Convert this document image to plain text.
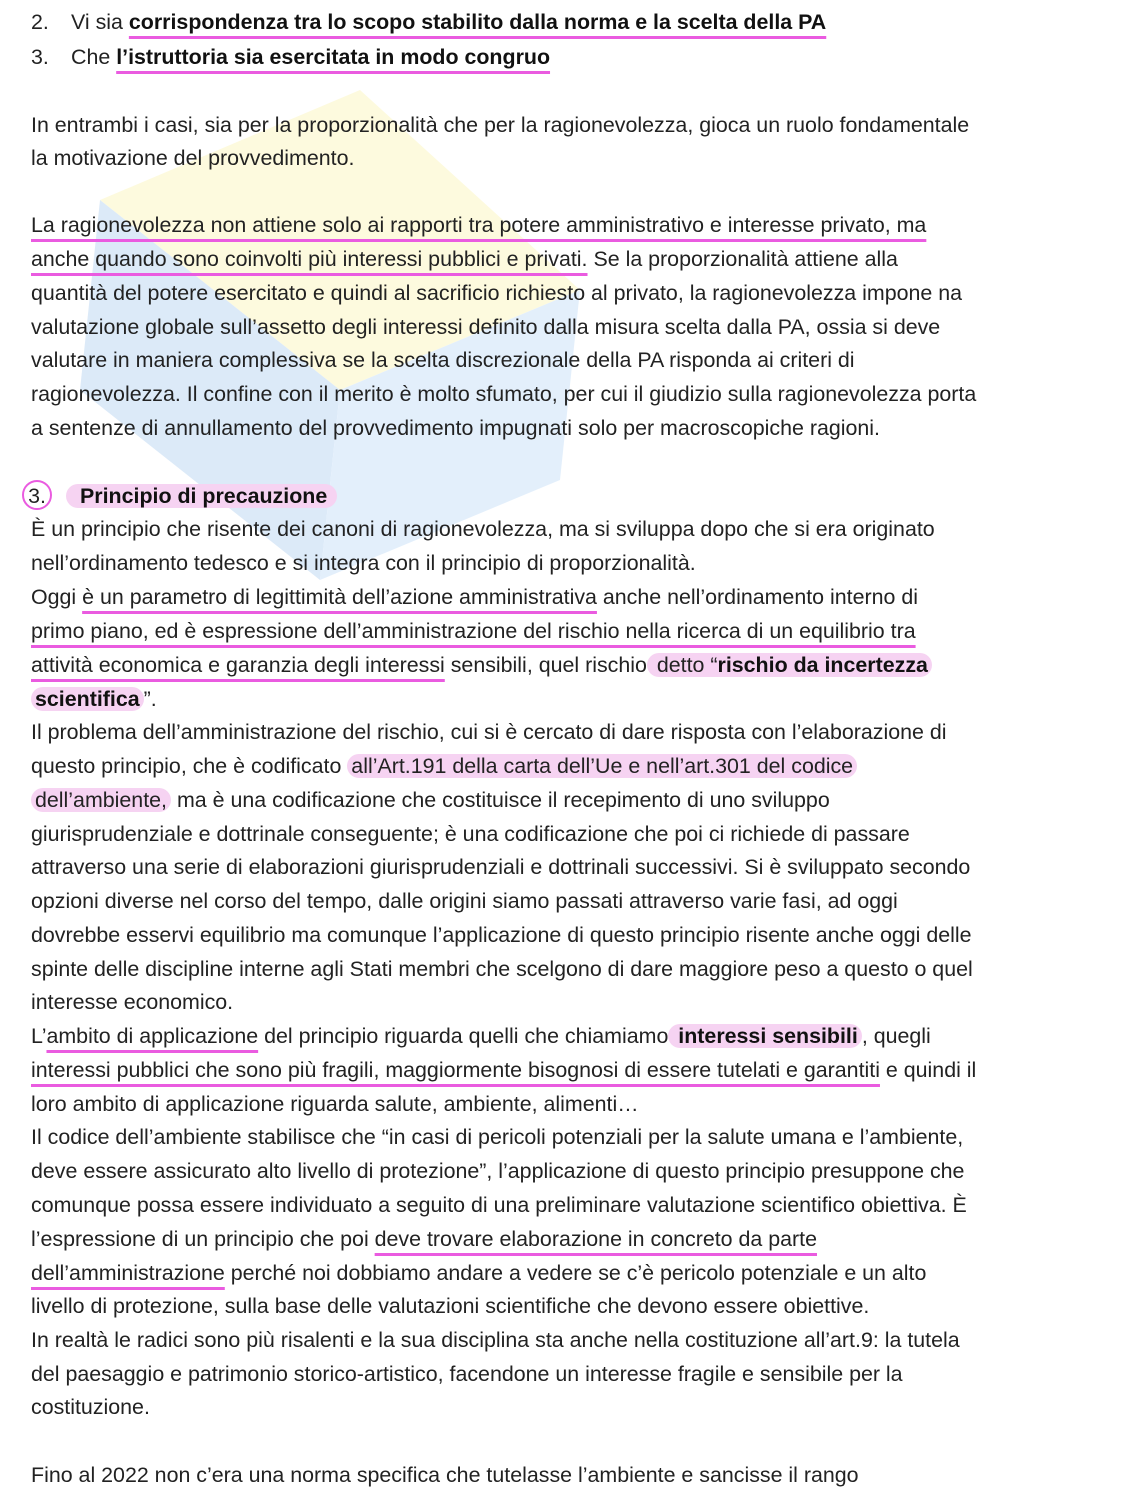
2. Vi sia corrispondenza tra lo scopo stabilito dalla norma e la scelta della PA
3. Che l’istruttoria sia esercitata in modo congruo
In entrambi i casi, sia per la proporzionalità che per la ragionevolezza, gioca un ruolo fondamentale
la motivazione del provvedimento.
La ragionevolezza non attiene solo ai rapporti tra potere amministrativo e interesse privato, ma
anche quando sono coinvolti più interessi pubblici e privati. Se la proporzionalità attiene alla
quantità del potere esercitato e quindi al sacrificio richiesto al privato, la ragionevolezza impone na
valutazione globale sull’assetto degli interessi definito dalla misura scelta dalla PA, ossia si deve
valutare in maniera complessiva se la scelta discrezionale della PA risponda ai criteri di
ragionevolezza. Il confine con il merito è molto sfumato, per cui il giudizio sulla ragionevolezza porta
a sentenze di annullamento del provvedimento impugnati solo per macroscopiche ragioni.
3. Principio di precauzione
È un principio che risente dei canoni di ragionevolezza, ma si sviluppa dopo che si era originato
nell’ordinamento tedesco e si integra con il principio di proporzionalità.
Oggi è un parametro di legittimità dell’azione amministrativa anche nell’ordinamento interno di
primo piano, ed è espressione dell’amministrazione del rischio nella ricerca di un equilibrio tra
attività economica e garanzia degli interessi sensibili, quel rischio detto “rischio da incertezza
scientifica ”.
Il problema dell’amministrazione del rischio, cui si è cercato di dare risposta con l’elaborazione di
questo principio, che è codificato all’Art.191 della carta dell’Ue e nell’art.301 del codice
dell’ambiente, ma è una codificazione che costituisce il recepimento di uno sviluppo
giurisprudenziale e dottrinale conseguente; è una codificazione che poi ci richiede di passare
attraverso una serie di elaborazioni giurisprudenziali e dottrinali successivi. Si è sviluppato secondo
opzioni diverse nel corso del tempo, dalle origini siamo passati attraverso varie fasi, ad oggi
dovrebbe esservi equilibrio ma comunque l’applicazione di questo principio risente anche oggi delle
spinte delle discipline interne agli Stati membri che scelgono di dare maggiore peso a questo o quel
interesse economico.
L’ambito di applicazione del principio riguarda quelli che chiamiamo interessi sensibili , quegli
interessi pubblici che sono più fragili, maggiormente bisognosi di essere tutelati e garantiti e quindi il
loro ambito di applicazione riguarda salute, ambiente, alimenti…
Il codice dell’ambiente stabilisce che “in casi di pericoli potenziali per la salute umana e l’ambiente,
deve essere assicurato alto livello di protezione”, l’applicazione di questo principio presuppone che
comunque possa essere individuato a seguito di una preliminare valutazione scientifico obiettiva. È
l’espressione di un principio che poi deve trovare elaborazione in concreto da parte
dell’amministrazione perché noi dobbiamo andare a vedere se c’è pericolo potenziale e un alto
livello di protezione, sulla base delle valutazioni scientifiche che devono essere obiettive.
In realtà le radici sono più risalenti e la sua disciplina sta anche nella costituzione all’art.9: la tutela
del paesaggio e patrimonio storico-artistico, facendone un interesse fragile e sensibile per la
costituzione.
Fino al 2022 non c’era una norma specifica che tutelasse l’ambiente e sancisse il rango
